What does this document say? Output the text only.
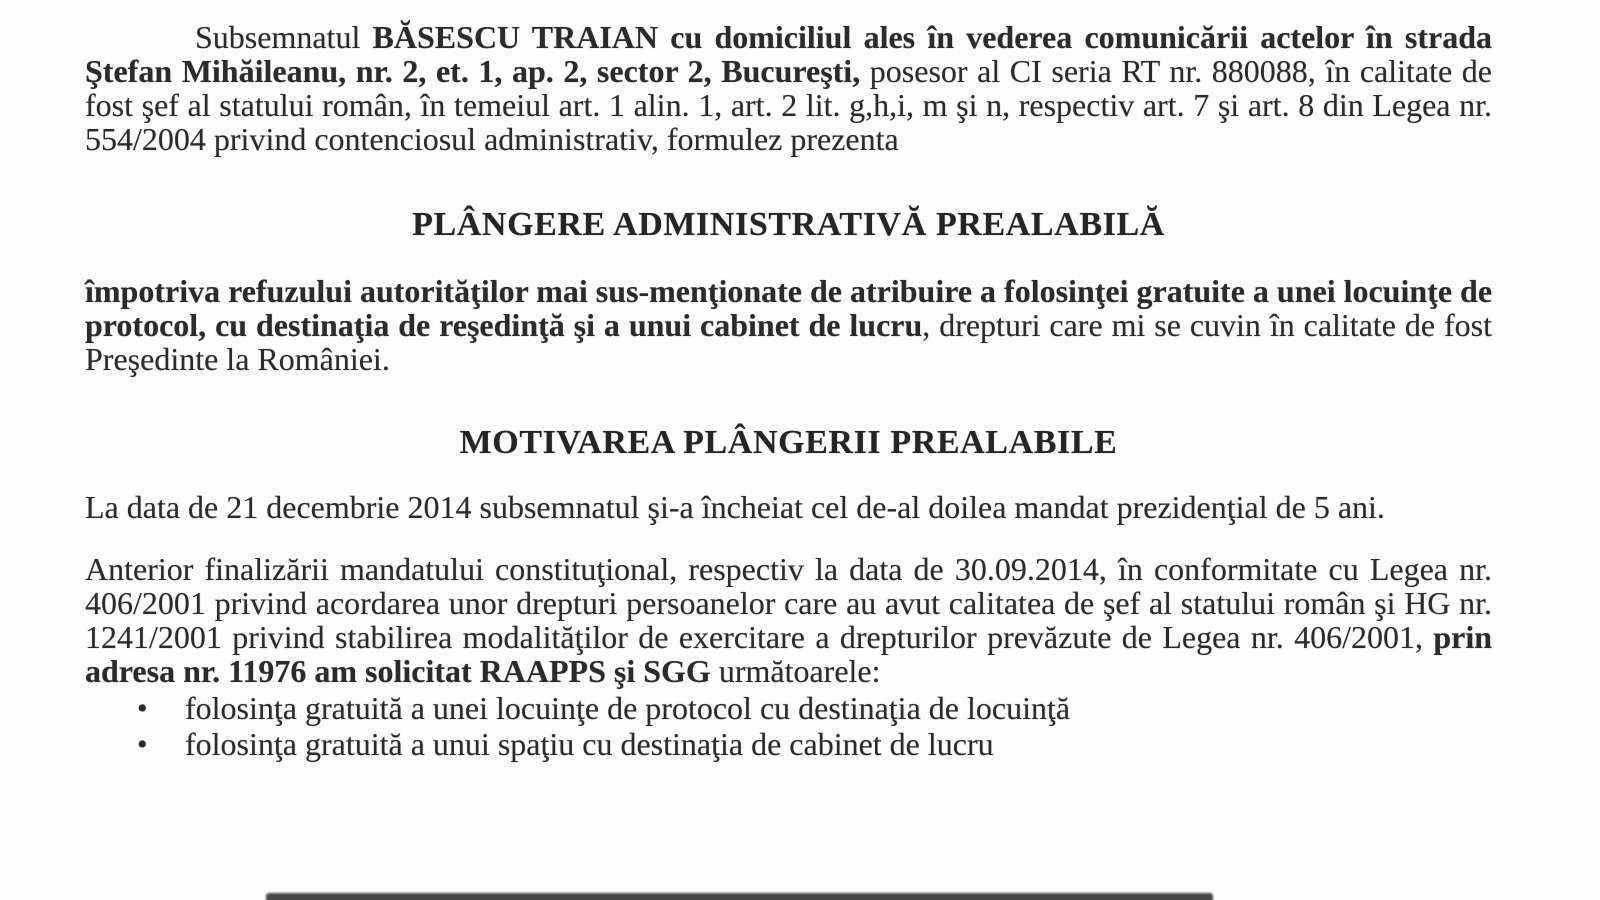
Subsemnatul BĂSESCU TRAIAN cu domiciliul ales în vederea comunicării actelor în strada Ştefan Mihăileanu, nr. 2, et. 1, ap. 2, sector 2, Bucureşti, posesor al CI seria RT nr. 880088, în calitate de fost şef al statului român, în temeiul art. 1 alin. 1, art. 2 lit. g,h,i, m şi n, respectiv art. 7 şi art. 8 din Legea nr. 554/2004 privind contenciosul administrativ, formulez prezenta

PLÂNGERE ADMINISTRATIVĂ PREALABILĂ

împotriva refuzului autorităţilor mai sus-menţionate de atribuire a folosinţei gratuite a unei locuinţe de protocol, cu destinaţia de reşedinţă şi a unui cabinet de lucru, drepturi care mi se cuvin în calitate de fost Preşedinte la României.

MOTIVAREA PLÂNGERII PREALABILE

La data de 21 decembrie 2014 subsemnatul şi-a încheiat cel de-al doilea mandat prezidenţial de 5 ani.

Anterior finalizării mandatului constituţional, respectiv la data de 30.09.2014, în conformitate cu Legea nr. 406/2001 privind acordarea unor drepturi persoanelor care au avut calitatea de şef al statului român şi HG nr. 1241/2001 privind stabilirea modalităţilor de exercitare a drepturilor prevăzute de Legea nr. 406/2001, prin adresa nr. 11976 am solicitat RAAPPS şi SGG următoarele:

• folosinţa gratuită a unei locuinţe de protocol cu destinaţia de locuinţă
• folosinţa gratuită a unui spaţiu cu destinaţia de cabinet de lucru
